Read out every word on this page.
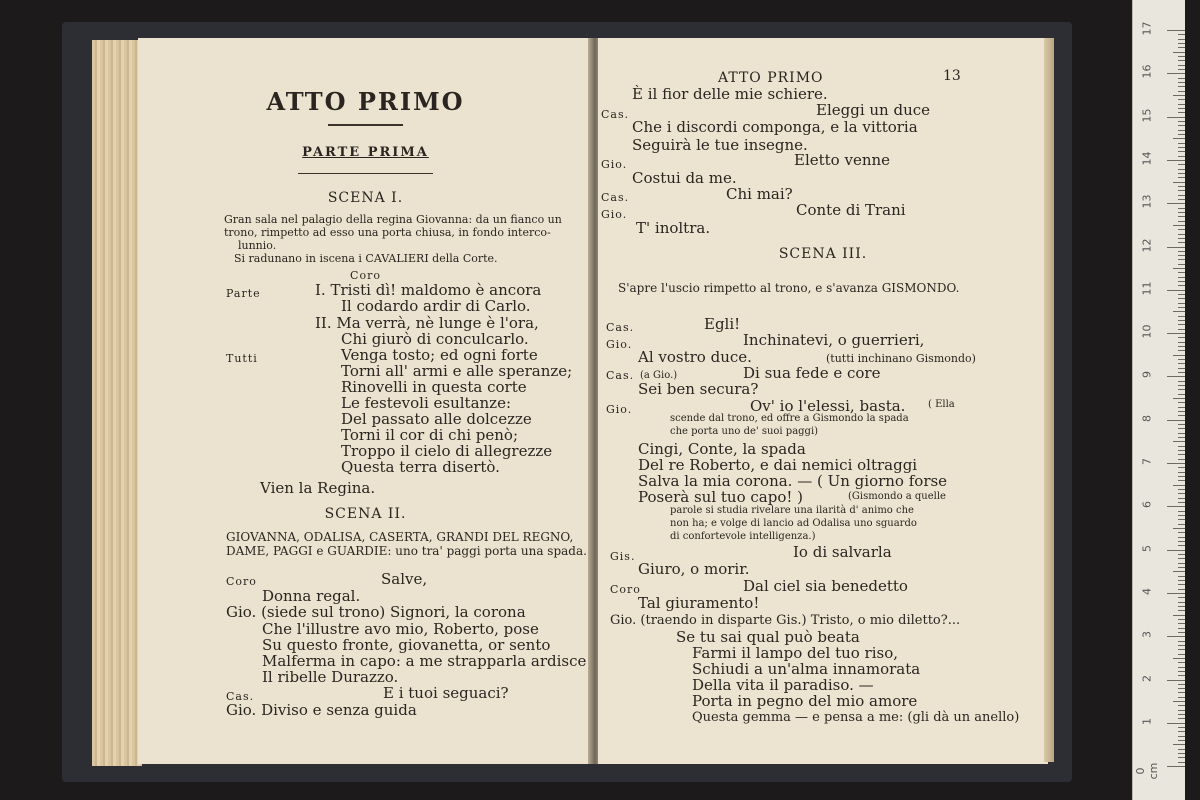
ATTO PRIMO
PARTE PRIMA
SCENA I.
Gran sala nel palagio della regina Giovanna: da un fianco un
trono, rimpetto ad esso una porta chiusa, in fondo interco-
lunnio.
Si radunano in iscena i CAVALIERI della Corte.
Coro
Parte
Tutti
I. Tristi dì! maldomo è ancora
Il codardo ardir di Carlo.
II. Ma verrà, nè lunge è l'ora,
Chi giurò di conculcarlo.
Venga tosto; ed ogni forte
Torni all' armi e alle speranze;
Rinovelli in questa corte
Le festevoli esultanze:
Del passato alle dolcezze
Torni il cor di chi penò;
Troppo il cielo di allegrezze
Questa terra disertò.
Vien la Regina.
SCENA II.
GIOVANNA, ODALISA, CASERTA, GRANDI DEL REGNO,
DAME, PAGGI e GUARDIE: uno tra' paggi porta una spada.
Coro	Salve,
Donna regal.
Gio. (siede sul trono) Signori, la corona
Che l'illustre avo mio, Roberto, pose
Su questo fronte, giovanetta, or sento
Malferma in capo: a me strapparla ardisce
Il ribelle Durazzo.
Cas.	E i tuoi seguaci?
Gio. Diviso e senza guida
ATTO PRIMO	13
È il fior delle mie schiere.
Cas.	Eleggi un duce
Che i discordi componga, e la vittoria
Seguirà le tue insegne.
Gio.	Eletto venne
Costui da me.
Cas.	Chi mai?
Gio.	Conte di Trani
T' inoltra.
SCENA III.
S'apre l'uscio rimpetto al trono, e s'avanza GISMONDO.
Cas.	Egli!
Gio.	Inchinatevi, o guerrieri,
Al vostro duce.	(tutti inchinano Gismondo)
Cas. (a Gio.)	Di sua fede e core
Sei ben secura?
Gio.	Ov' io l'elessi, basta. ( Ella
scende dal trono, ed offre a Gismondo la spada
che porta uno de' suoi paggi)
Cingi, Conte, la spada
Del re Roberto, e dai nemici oltraggi
Salva la mia corona. — ( Un giorno forse
Poserà sul tuo capo! )	(Gismondo a quelle
parole si studia rivelare una ilarità d' animo che
non ha; e volge di lancio ad Odalisa uno sguardo
di confortevole intelligenza.)
Gis.	Io di salvarla
Giuro, o morir.
Coro	Dal ciel sia benedetto
Tal giuramento!
Gio. (traendo in disparte Gis.) Tristo, o mio diletto?...
Se tu sai qual può beata
Farmi il lampo del tuo riso,
Schiudi a un'alma innamorata
Della vita il paradiso. —
Porta in pegno del mio amore
Questa gemma — e pensa a me: (gli dà un anello)
17
16
15
14
13
12
11
10
9
8
7
6
5
4
3
2
1
0 cm
